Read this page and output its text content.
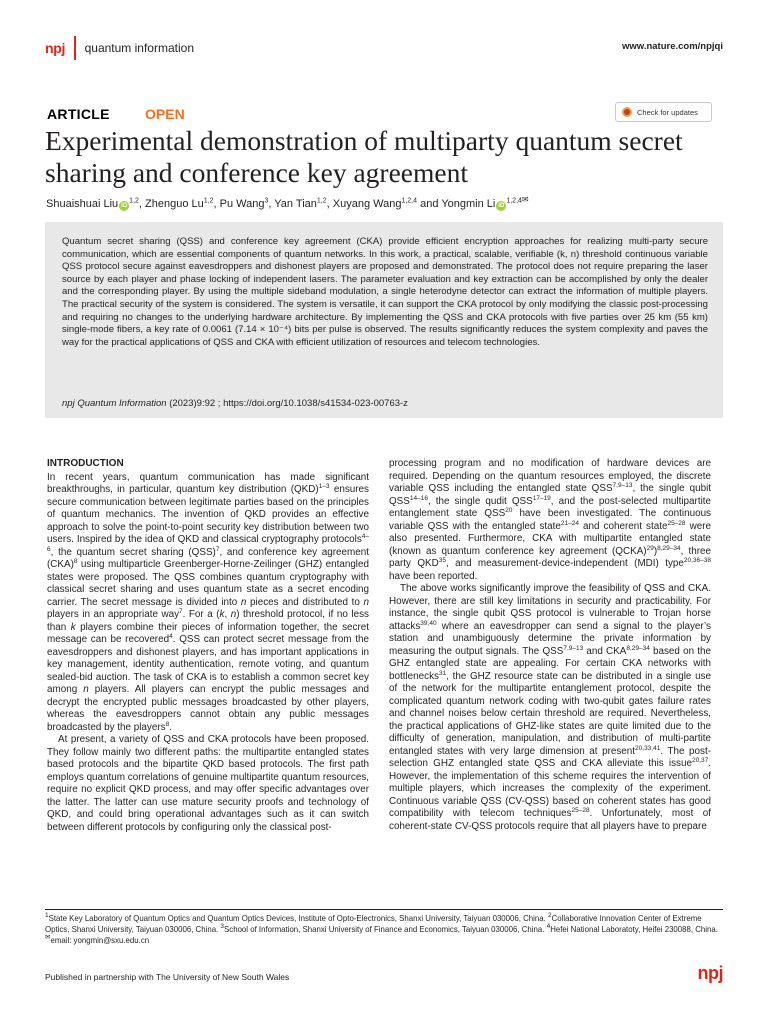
npj quantum information	www.nature.com/npjqi
ARTICLE	OPEN	Check for updates
Experimental demonstration of multiparty quantum secret sharing and conference key agreement
Shuaishuai Liu iD$^{1,2}$, Zhenguo Lu$^{1,2}$, Pu Wang$^3$, Yan Tian$^{1,2}$, Xuyang Wang$^{1,2,4}$ and Yongmin Li iD$^{1,2,4}$✉

Quantum secret sharing (QSS) and conference key agreement (CKA) provide efficient encryption approaches for realizing multi-party secure communication, which are essential components of quantum networks. In this work, a practical, scalable, verifiable (k, n) threshold continuous variable QSS protocol secure against eavesdroppers and dishonest players are proposed and demonstrated. The protocol does not require preparing the laser source by each player and phase locking of independent lasers. The parameter evaluation and key extraction can be accomplished by only the dealer and the corresponding player. By using the multiple sideband modulation, a single heterodyne detector can extract the information of multiple players. The practical security of the system is considered. The system is versatile, it can support the CKA protocol by only modifying the classic post-processing and requiring no changes to the underlying hardware architecture. By implementing the QSS and CKA protocols with five parties over 25 km (55 km) single-mode fibers, a key rate of 0.0061 (7.14 × 10⁻⁴) bits per pulse is observed. The results significantly reduces the system complexity and paves the way for the practical applications of QSS and CKA with efficient utilization of resources and telecom technologies.

npj Quantum Information (2023)9:92 ; https://doi.org/10.1038/s41534-023-00763-z
INTRODUCTION

In recent years, quantum communication has made significant breakthroughs, in particular, quantum key distribution (QKD)$^{1-3}$ ensures secure communication between legitimate parties based on the principles of quantum mechanics. The invention of QKD provides an effective approach to solve the point-to-point security key distribution between two users. Inspired by the idea of QKD and classical cryptography protocols$^{4-6}$, the quantum secret sharing (QSS)$^7$, and conference key agreement (CKA)$^8$ using multiparticle Greenberger-Horne-Zeilinger (GHZ) entangled states were proposed. The QSS combines quantum cryptography with classical secret sharing and uses quantum state as a secret encoding carrier. The secret message is divided into n pieces and distributed to n players in an appropriate way$^7$. For a (k, n) threshold protocol, if no less than k players combine their pieces of information together, the secret message can be recovered$^4$. QSS can protect secret message from the eavesdroppers and dishonest players, and has important applications in key management, identity authentication, remote voting, and quantum sealed-bid auction. The task of CKA is to establish a common secret key among n players. All players can encrypt the public messages and decrypt the encrypted public messages broadcasted by other players, whereas the eavesdroppers cannot obtain any public messages broadcasted by the players$^8$.

At present, a variety of QSS and CKA protocols have been proposed. They follow mainly two different paths: the multipartite entangled states based protocols and the bipartite QKD based protocols. The first path employs quantum correlations of genuine multipartite quantum resources, require no explicit QKD process, and may offer specific advantages over the latter. The latter can use mature security proofs and technology of QKD, and could bring operational advantages such as it can switch between different protocols by configuring only the classical post-

processing program and no modification of hardware devices are required. Depending on the quantum resources employed, the discrete variable QSS including the entangled state QSS$^{7,9-13}$, the single qubit QSS$^{14-16}$, the single qudit QSS$^{17-19}$, and the post-selected multipartite entanglement state QSS$^{20}$ have been investigated. The continuous variable QSS with the entangled state$^{21-24}$ and coherent state$^{25-28}$ were also presented. Furthermore, CKA with multipartite entangled state (known as quantum conference key agreement (QCKA)$^{29}$)$^{8,29-34}$, three party QKD$^{35}$, and measurement-device-independent (MDI) type$^{20,36-38}$ have been reported.

The above works significantly improve the feasibility of QSS and CKA. However, there are still key limitations in security and practicability. For instance, the single qubit QSS protocol is vulnerable to Trojan horse attacks$^{39,40}$ where an eavesdropper can send a signal to the player’s station and unambiguously determine the private information by measuring the output signals. The QSS$^{7,9-13}$ and CKA$^{8,29-34}$ based on the GHZ entangled state are appealing. For certain CKA networks with bottlenecks$^{31}$, the GHZ resource state can be distributed in a single use of the network for the multipartite entanglement protocol, despite the complicated quantum network coding with two-qubit gates failure rates and channel noises below certain threshold are required. Nevertheless, the practical applications of GHZ-like states are quite limited due to the difficulty of generation, manipulation, and distribution of multi-partite entangled states with very large dimension at present$^{20,33,41}$. The post-selection GHZ entangled state QSS and CKA alleviate this issue$^{20,37}$. However, the implementation of this scheme requires the intervention of multiple players, which increases the complexity of the experiment. Continuous variable QSS (CV-QSS) based on coherent states has good compatibility with telecom techniques$^{25-28}$. Unfortunately, most of coherent-state CV-QSS protocols require that all players have to prepare

$^1$State Key Laboratory of Quantum Optics and Quantum Optics Devices, Institute of Opto-Electronics, Shanxi University, Taiyuan 030006, China. $^2$Collaborative Innovation Center of Extreme Optics, Shanxi University, Taiyuan 030006, China. $^3$School of Information, Shanxi University of Finance and Economics, Taiyuan 030006, China. $^4$Hefei National Laboratoty, Heifei 230088, China. ✉email: yongmin@sxu.edu.cn

Published in partnership with The University of New South Wales	npj
